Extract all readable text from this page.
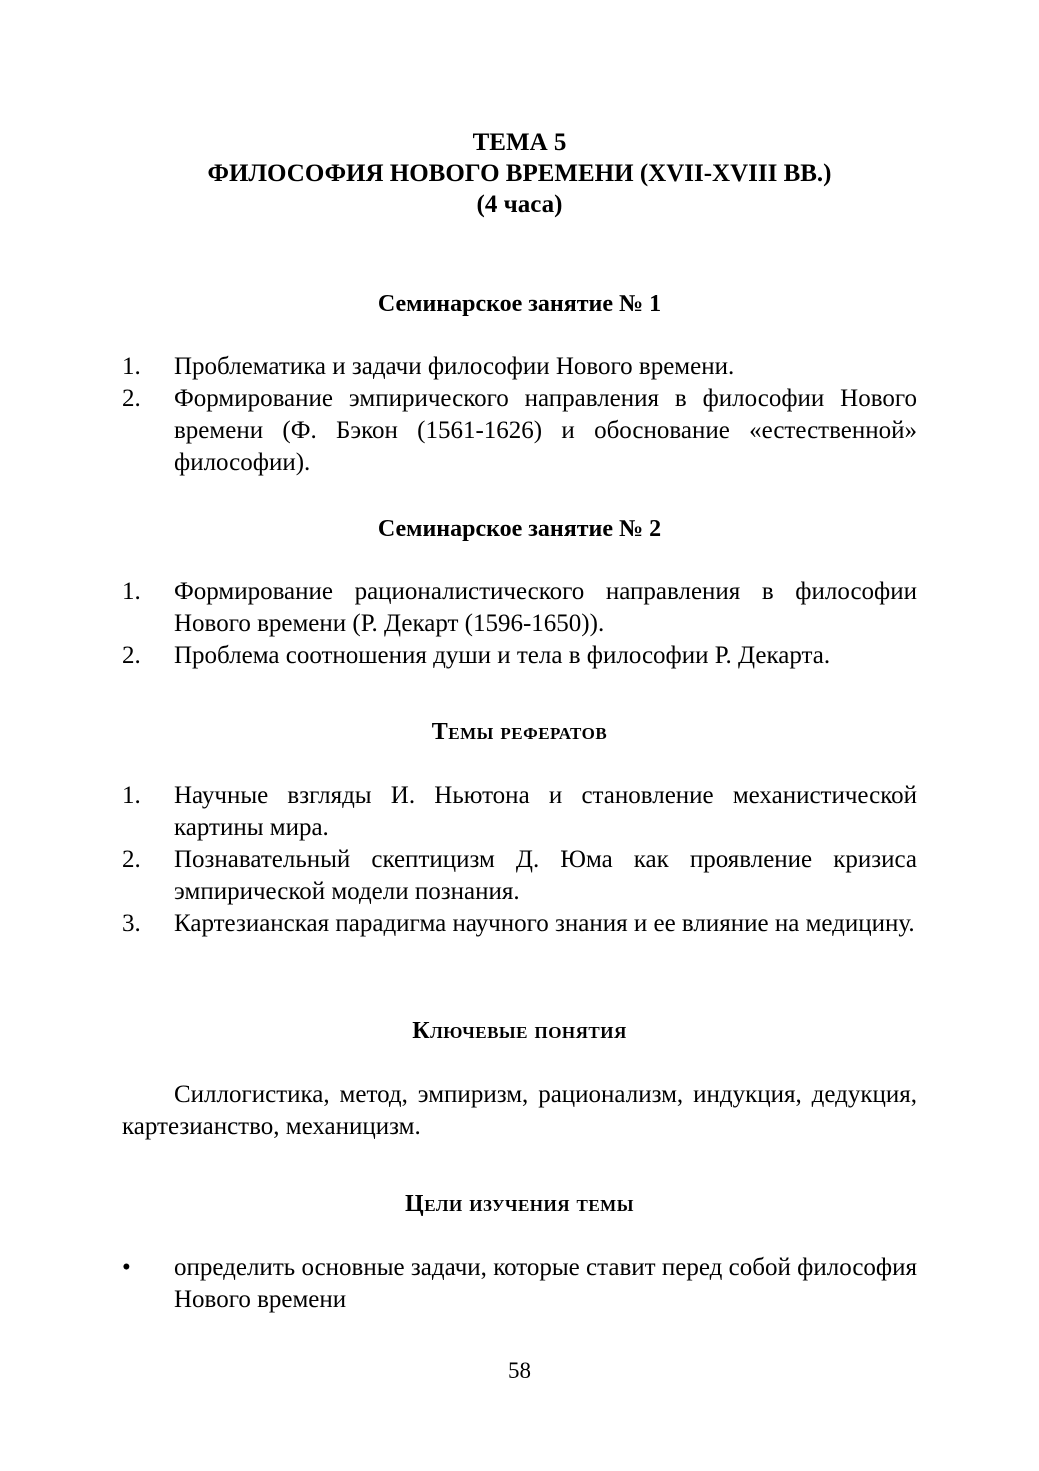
ТЕМА 5
ФИЛОСОФИЯ НОВОГО ВРЕМЕНИ (XVII-XVIII ВВ.)
(4 часа)
Семинарское занятие № 1
1.	Проблематика и задачи философии Нового времени.
2.	Формирование эмпирического направления в философии Нового времени (Ф. Бэкон (1561-1626) и обоснование «естественной» философии).
Семинарское занятие № 2
1.	Формирование рационалистического направления в философии Нового времени (Р. Декарт (1596-1650)).
2.	Проблема соотношения души и тела в философии Р. Декарта.
Темы рефератов
1.	Научные взгляды И. Ньютона и становление механистической картины мира.
2.	Познавательный скептицизм Д. Юма как проявление кризиса эмпирической модели познания.
3.	Картезианская парадигма научного знания и ее влияние на медицину.
Ключевые понятия

Силлогистика, метод, эмпиризм, рационализм, индукция, дедукция, картезианство, механицизм.

Цели изучения темы
•	определить основные задачи, которые ставит перед собой философия Нового времени
58
